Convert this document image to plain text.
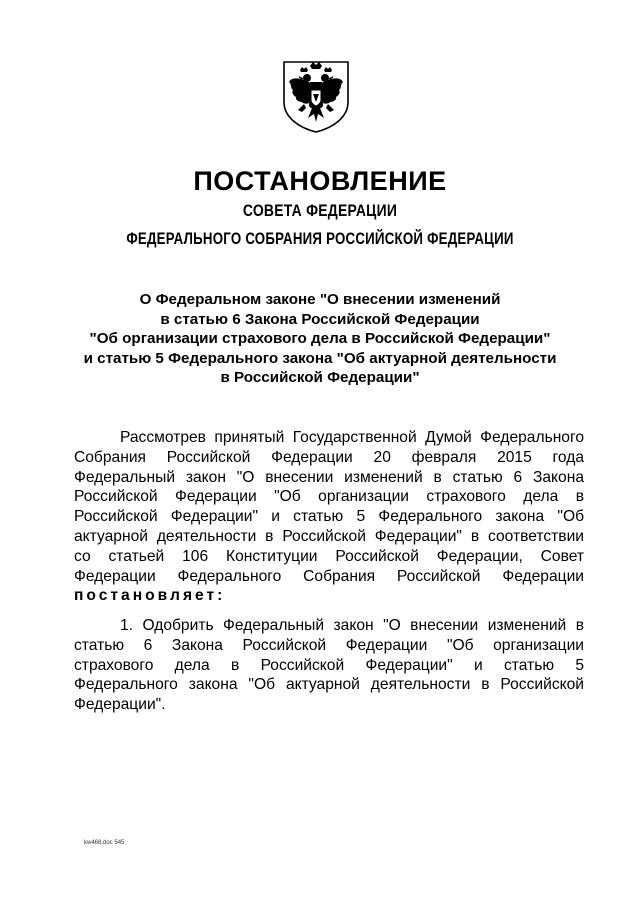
ПОСТАНОВЛЕНИЕ
СОВЕТА ФЕДЕРАЦИИ
ФЕДЕРАЛЬНОГО СОБРАНИЯ РОССИЙСКОЙ ФЕДЕРАЦИИ
О Федеральном законе "О внесении изменений
в статью 6 Закона Российской Федерации
"Об организации страхового дела в Российской Федерации"
и статью 5 Федерального закона "Об актуарной деятельности
в Российской Федерации"
Рассмотрев принятый Государственной Думой Федерального
Собрания Российской Федерации 20 февраля 2015 года
Федеральный закон "О внесении изменений в статью 6 Закона
Российской Федерации "Об организации страхового дела в
Российской Федерации" и статью 5 Федерального закона "Об
актуарной деятельности в Российской Федерации" в соответствии
со статьей 106 Конституции Российской Федерации, Совет
Федерации Федерального Собрания Российской Федерации
постановляет:
1. Одобрить Федеральный закон "О внесении изменений в
статью 6 Закона Российской Федерации "Об организации
страхового дела в Российской Федерации" и статью 5
Федерального закона "Об актуарной деятельности в Российской
Федерации".
kw468.doc 545
